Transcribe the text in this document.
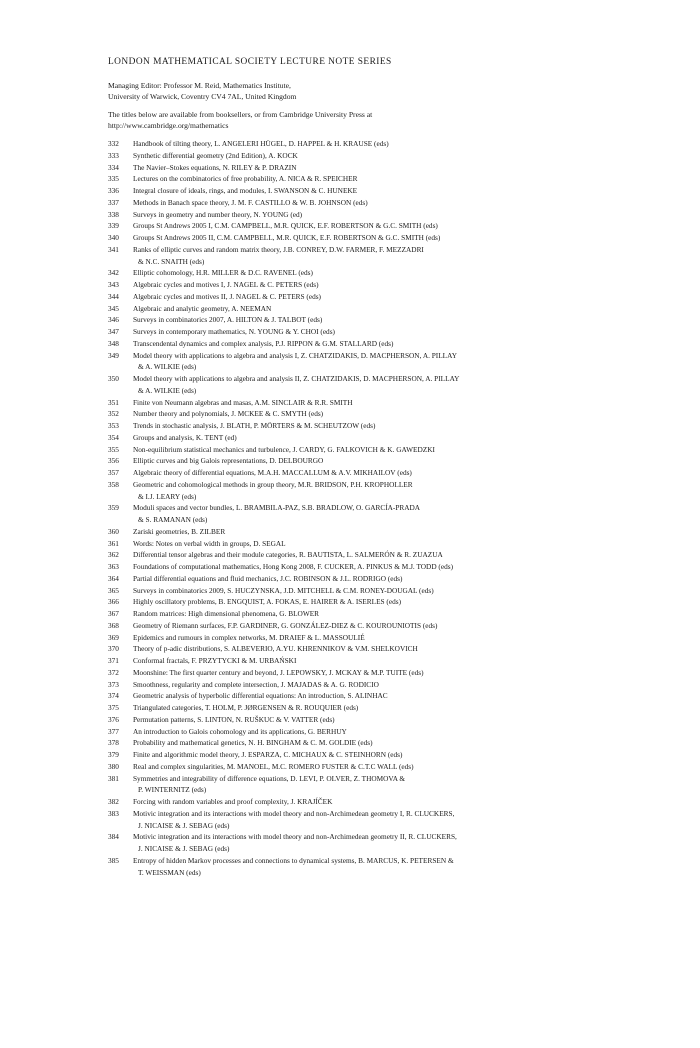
LONDON MATHEMATICAL SOCIETY LECTURE NOTE SERIES
Managing Editor: Professor M. Reid, Mathematics Institute,
University of Warwick, Coventry CV4 7AL, United Kingdom
The titles below are available from booksellers, or from Cambridge University Press at
http://www.cambridge.org/mathematics
332	Handbook of tilting theory, L. ANGELERI HÜGEL, D. HAPPEL & H. KRAUSE (eds)
333	Synthetic differential geometry (2nd Edition), A. KOCK
334	The Navier–Stokes equations, N. RILEY & P. DRAZIN
335	Lectures on the combinatorics of free probability, A. NICA & R. SPEICHER
336	Integral closure of ideals, rings, and modules, I. SWANSON & C. HUNEKE
337	Methods in Banach space theory, J. M. F. CASTILLO & W. B. JOHNSON (eds)
338	Surveys in geometry and number theory, N. YOUNG (ed)
339	Groups St Andrews 2005 I, C.M. CAMPBELL, M.R. QUICK, E.F. ROBERTSON & G.C. SMITH (eds)
340	Groups St Andrews 2005 II, C.M. CAMPBELL, M.R. QUICK, E.F. ROBERTSON & G.C. SMITH (eds)
341	Ranks of elliptic curves and random matrix theory, J.B. CONREY, D.W. FARMER, F. MEZZADRI
& N.C. SNAITH (eds)
342	Elliptic cohomology, H.R. MILLER & D.C. RAVENEL (eds)
343	Algebraic cycles and motives I, J. NAGEL & C. PETERS (eds)
344	Algebraic cycles and motives II, J. NAGEL & C. PETERS (eds)
345	Algebraic and analytic geometry, A. NEEMAN
346	Surveys in combinatorics 2007, A. HILTON & J. TALBOT (eds)
347	Surveys in contemporary mathematics, N. YOUNG & Y. CHOI (eds)
348	Transcendental dynamics and complex analysis, P.J. RIPPON & G.M. STALLARD (eds)
349	Model theory with applications to algebra and analysis I, Z. CHATZIDAKIS, D. MACPHERSON, A. PILLAY
& A. WILKIE (eds)
350	Model theory with applications to algebra and analysis II, Z. CHATZIDAKIS, D. MACPHERSON, A. PILLAY
& A. WILKIE (eds)
351	Finite von Neumann algebras and masas, A.M. SINCLAIR & R.R. SMITH
352	Number theory and polynomials, J. MCKEE & C. SMYTH (eds)
353	Trends in stochastic analysis, J. BLATH, P. MÖRTERS & M. SCHEUTZOW (eds)
354	Groups and analysis, K. TENT (ed)
355	Non-equilibrium statistical mechanics and turbulence, J. CARDY, G. FALKOVICH & K. GAWEDZKI
356	Elliptic curves and big Galois representations, D. DELBOURGO
357	Algebraic theory of differential equations, M.A.H. MACCALLUM & A.V. MIKHAILOV (eds)
358	Geometric and cohomological methods in group theory, M.R. BRIDSON, P.H. KROPHOLLER
& I.J. LEARY (eds)
359	Moduli spaces and vector bundles, L. BRAMBILA-PAZ, S.B. BRADLOW, O. GARCÍA-PRADA
& S. RAMANAN (eds)
360	Zariski geometries, B. ZILBER
361	Words: Notes on verbal width in groups, D. SEGAL
362	Differential tensor algebras and their module categories, R. BAUTISTA, L. SALMERÓN & R. ZUAZUA
363	Foundations of computational mathematics, Hong Kong 2008, F. CUCKER, A. PINKUS & M.J. TODD (eds)
364	Partial differential equations and fluid mechanics, J.C. ROBINSON & J.L. RODRIGO (eds)
365	Surveys in combinatorics 2009, S. HUCZYNSKA, J.D. MITCHELL & C.M. RONEY-DOUGAL (eds)
366	Highly oscillatory problems, B. ENGQUIST, A. FOKAS, E. HAIRER & A. ISERLES (eds)
367	Random matrices: High dimensional phenomena, G. BLOWER
368	Geometry of Riemann surfaces, F.P. GARDINER, G. GONZÁLEZ-DIEZ & C. KOUROUNIOTIS (eds)
369	Epidemics and rumours in complex networks, M. DRAIEF & L. MASSOULIÉ
370	Theory of p-adic distributions, S. ALBEVERIO, A.YU. KHRENNIKOV & V.M. SHELKOVICH
371	Conformal fractals, F. PRZYTYCKI & M. URBAŃSKI
372	Moonshine: The first quarter century and beyond, J. LEPOWSKY, J. MCKAY & M.P. TUITE (eds)
373	Smoothness, regularity and complete intersection, J. MAJADAS & A. G. RODICIO
374	Geometric analysis of hyperbolic differential equations: An introduction, S. ALINHAC
375	Triangulated categories, T. HOLM, P. JØRGENSEN & R. ROUQUIER (eds)
376	Permutation patterns, S. LINTON, N. RUŠKUC & V. VATTER (eds)
377	An introduction to Galois cohomology and its applications, G. BERHUY
378	Probability and mathematical genetics, N. H. BINGHAM & C. M. GOLDIE (eds)
379	Finite and algorithmic model theory, J. ESPARZA, C. MICHAUX & C. STEINHORN (eds)
380	Real and complex singularities, M. MANOEL, M.C. ROMERO FUSTER & C.T.C WALL (eds)
381	Symmetries and integrability of difference equations, D. LEVI, P. OLVER, Z. THOMOVA &
P. WINTERNITZ (eds)
382	Forcing with random variables and proof complexity, J. KRAJÍČEK
383	Motivic integration and its interactions with model theory and non-Archimedean geometry I, R. CLUCKERS,
J. NICAISE & J. SEBAG (eds)
384	Motivic integration and its interactions with model theory and non-Archimedean geometry II, R. CLUCKERS,
J. NICAISE & J. SEBAG (eds)
385	Entropy of hidden Markov processes and connections to dynamical systems, B. MARCUS, K. PETERSEN &
T. WEISSMAN (eds)
